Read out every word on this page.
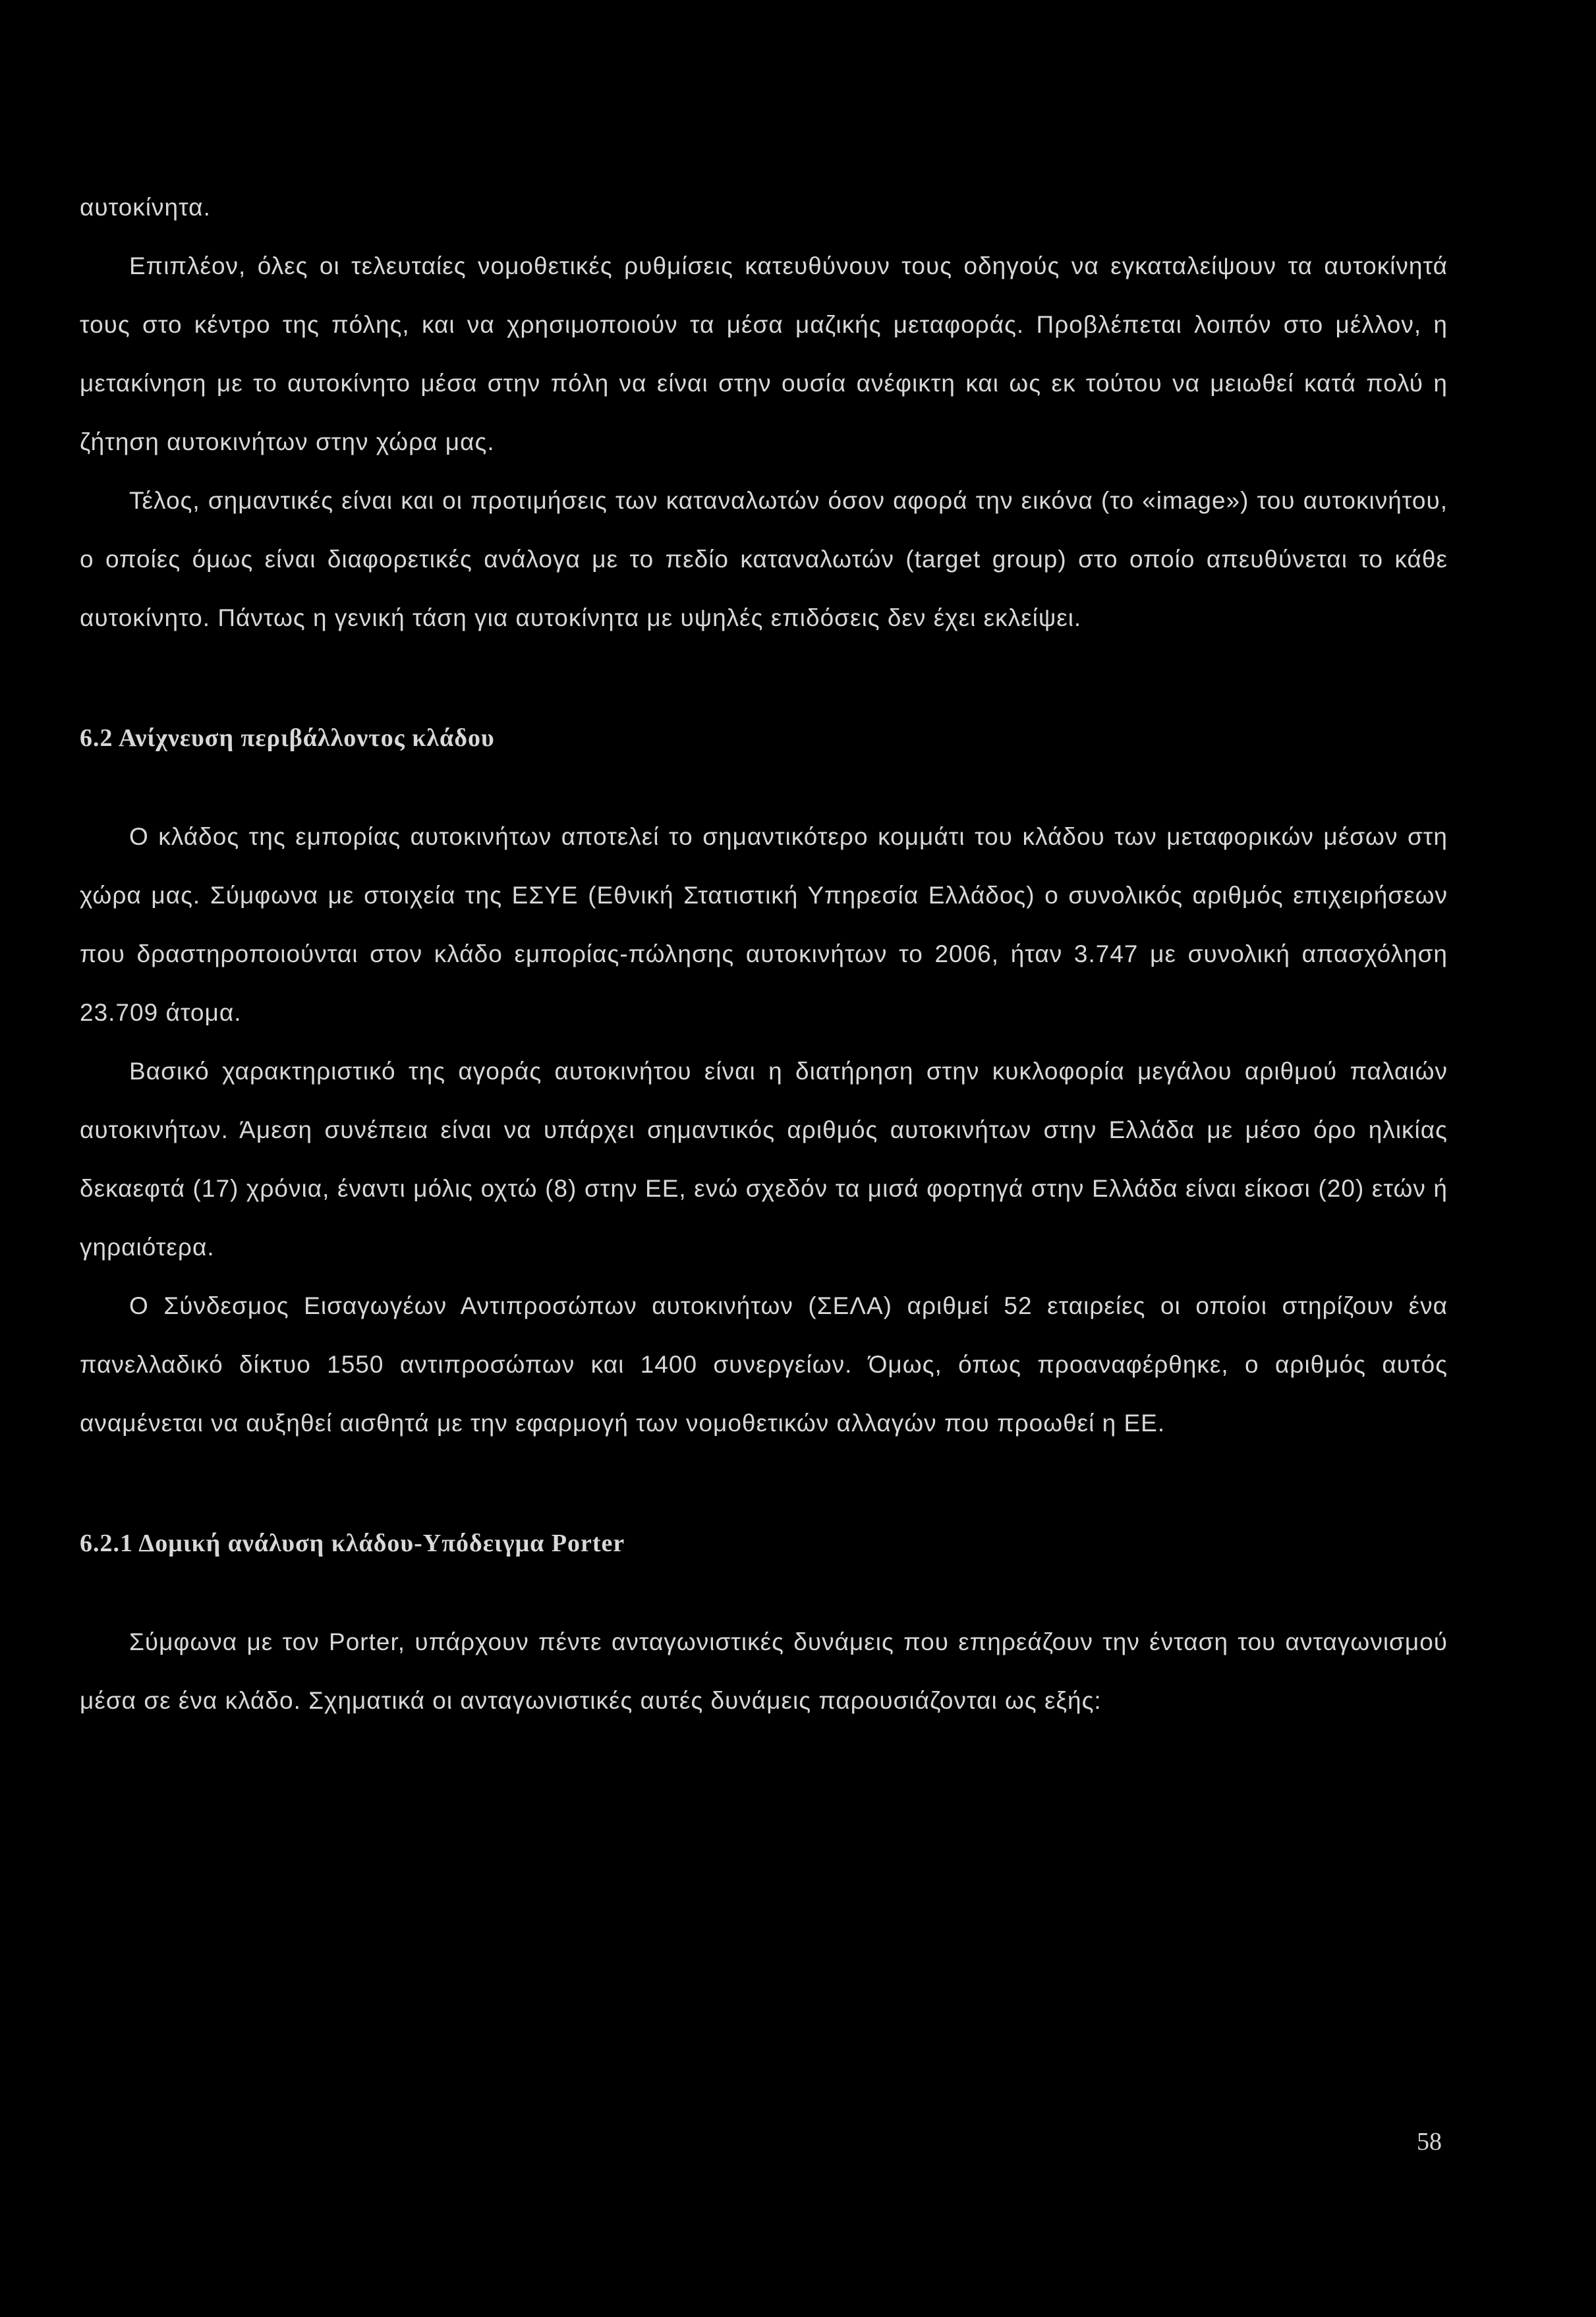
αυτοκίνητα.

Επιπλέον, όλες οι τελευταίες νομοθετικές ρυθμίσεις κατευθύνουν τους οδηγούς να εγκαταλείψουν τα αυτοκίνητά τους στο κέντρο της πόλης, και να χρησιμοποιούν τα μέσα μαζικής μεταφοράς. Προβλέπεται λοιπόν στο μέλλον, η μετακίνηση με το αυτοκίνητο μέσα στην πόλη να είναι στην ουσία ανέφικτη και ως εκ τούτου να μειωθεί κατά πολύ η ζήτηση αυτοκινήτων στην χώρα μας.

Τέλος, σημαντικές είναι και οι προτιμήσεις των καταναλωτών όσον αφορά την εικόνα (το «image») του αυτοκινήτου, ο οποίες όμως είναι διαφορετικές ανάλογα με το πεδίο καταναλωτών (target group) στο οποίο απευθύνεται το κάθε αυτοκίνητο. Πάντως η γενική τάση για αυτοκίνητα με υψηλές επιδόσεις δεν έχει εκλείψει.

6.2 Ανίχνευση περιβάλλοντος κλάδου

Ο κλάδος της εμπορίας αυτοκινήτων αποτελεί το σημαντικότερο κομμάτι του κλάδου των μεταφορικών μέσων στη χώρα μας. Σύμφωνα με στοιχεία της ΕΣΥΕ (Εθνική Στατιστική Υπηρεσία Ελλάδος) ο συνολικός αριθμός επιχειρήσεων που δραστηροποιούνται στον κλάδο εμπορίας-πώλησης αυτοκινήτων το 2006, ήταν 3.747 με συνολική απασχόληση 23.709 άτομα.

Βασικό χαρακτηριστικό της αγοράς αυτοκινήτου είναι η διατήρηση στην κυκλοφορία μεγάλου αριθμού παλαιών αυτοκινήτων. Άμεση συνέπεια είναι να υπάρχει σημαντικός αριθμός αυτοκινήτων στην Ελλάδα με μέσο όρο ηλικίας δεκαεφτά (17) χρόνια, έναντι μόλις οχτώ (8) στην ΕΕ, ενώ σχεδόν τα μισά φορτηγά στην Ελλάδα είναι είκοσι (20) ετών ή γηραιότερα.

Ο Σύνδεσμος Εισαγωγέων Αντιπροσώπων αυτοκινήτων (ΣΕΛΑ) αριθμεί 52 εταιρείες οι οποίοι στηρίζουν ένα πανελλαδικό δίκτυο 1550 αντιπροσώπων και 1400 συνεργείων. Όμως, όπως προαναφέρθηκε, ο αριθμός αυτός αναμένεται να αυξηθεί αισθητά με την εφαρμογή των νομοθετικών αλλαγών που προωθεί η ΕΕ.

6.2.1 Δομική ανάλυση κλάδου-Υπόδειγμα Porter

Σύμφωνα με τον Porter, υπάρχουν πέντε ανταγωνιστικές δυνάμεις που επηρεάζουν την ένταση του ανταγωνισμού μέσα σε ένα κλάδο. Σχηματικά οι ανταγωνιστικές αυτές δυνάμεις παρουσιάζονται ως εξής:

58
